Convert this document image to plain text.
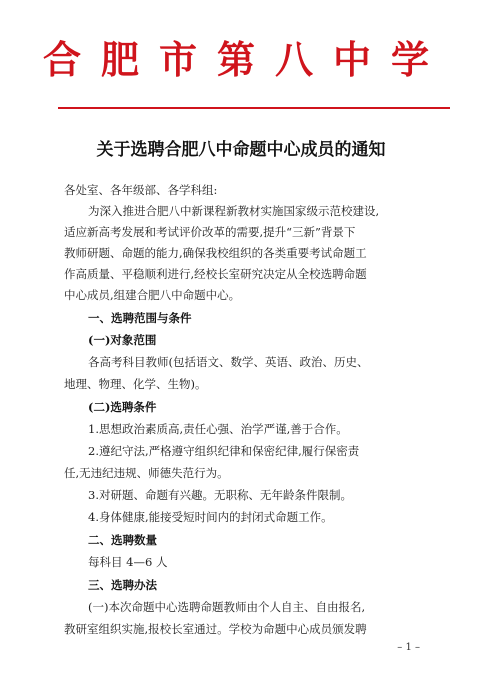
合肥市第八中学
关于选聘合肥八中命题中心成员的通知
各处室、各年级部、各学科组:
为深入推进合肥八中新课程新教材实施国家级示范校建设,
适应新高考发展和考试评价改革的需要,提升“三新”背景下
教师研题、命题的能力,确保我校组织的各类重要考试命题工
作高质量、平稳顺利进行,经校长室研究决定从全校选聘命题
中心成员,组建合肥八中命题中心。
一、选聘范围与条件
(一)对象范围
各高考科目教师(包括语文、数学、英语、政治、历史、
地理、物理、化学、生物)。
(二)选聘条件
1.思想政治素质高,责任心强、治学严谨,善于合作。
2.遵纪守法,严格遵守组织纪律和保密纪律,履行保密责
任,无违纪违规、师德失范行为。
3.对研题、命题有兴趣。无职称、无年龄条件限制。
4.身体健康,能接受短时间内的封闭式命题工作。
二、选聘数量
每科目 4—6 人
三、选聘办法
(一)本次命题中心选聘命题教师由个人自主、自由报名,
教研室组织实施,报校长室通过。学校为命题中心成员颁发聘
– 1 –
